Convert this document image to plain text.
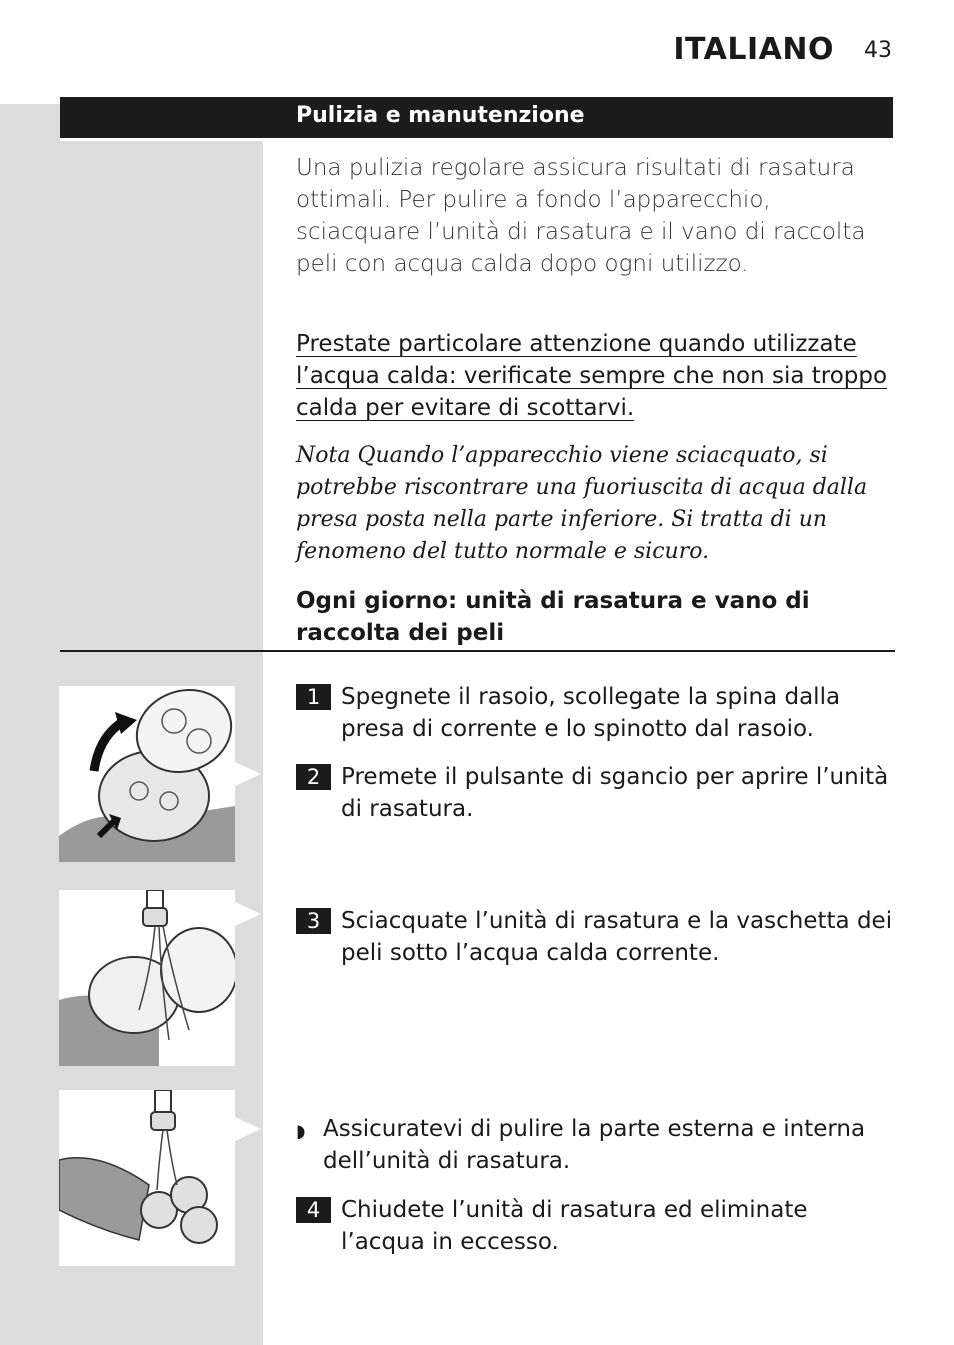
ITALIANO 43
Pulizia e manutenzione
Una pulizia regolare assicura risultati di rasatura ottimali. Per pulire a fondo l’apparecchio, sciacquare l’unità di rasatura e il vano di raccolta peli con acqua calda dopo ogni utilizzo.
Prestate particolare attenzione quando utilizzate l’acqua calda: verificate sempre che non sia troppo calda per evitare di scottarvi.
Nota Quando l’apparecchio viene sciacquato, si potrebbe riscontrare una fuoriuscita di acqua dalla presa posta nella parte inferiore. Si tratta di un fenomeno del tutto normale e sicuro.
Ogni giorno: unità di rasatura e vano di raccolta dei peli
1 Spegnete il rasoio, scollegate la spina dalla presa di corrente e lo spinotto dal rasoio.
2 Premete il pulsante di sgancio per aprire l’unità di rasatura.
3 Sciacquate l’unità di rasatura e la vaschetta dei peli sotto l’acqua calda corrente.
◗ Assicuratevi di pulire la parte esterna e interna dell’unità di rasatura.
4 Chiudete l’unità di rasatura ed eliminate l’acqua in eccesso.
